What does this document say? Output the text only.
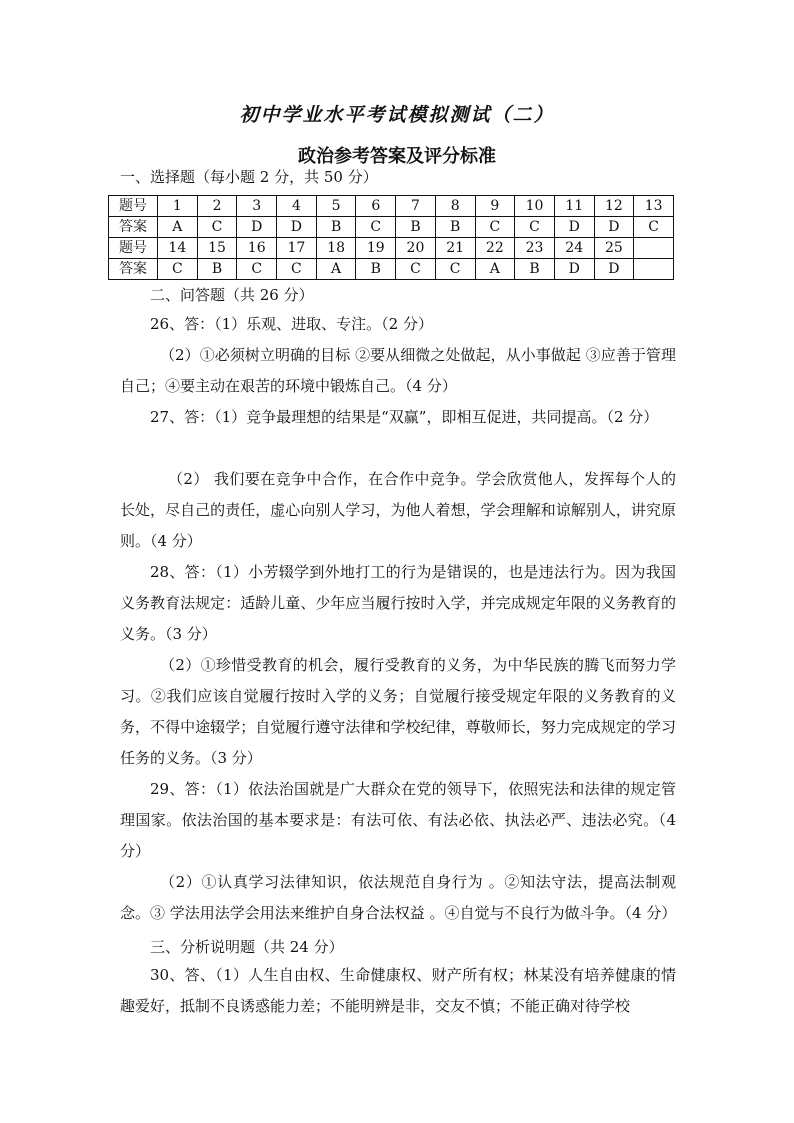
初中学业水平考试模拟测试（二）
政治参考答案及评分标准
一、选择题（每小题 2 分，共 50 分）
题号	1	2	3	4	5	6	7	8	9	10	11	12	13
答案	A	C	D	D	B	C	B	B	C	C	D	D	C
题号	14	15	16	17	18	19	20	21	22	23	24	25	
答案	C	B	C	C	A	B	C	C	A	B	D	D	
二、问答题（共 26 分）
26、答：（1）乐观、进取、专注。（2 分）
（2）①必须树立明确的目标 ②要从细微之处做起，从小事做起 ③应善于管理自己；④要主动在艰苦的环境中锻炼自己。（4 分）
27、答：（1）竞争最理想的结果是“双赢”，即相互促进，共同提高。（2 分）
（2） 我们要在竞争中合作，在合作中竞争。学会欣赏他人，发挥每个人的长处，尽自己的责任，虚心向别人学习，为他人着想，学会理解和谅解别人，讲究原则。（4 分）
28、答：（1）小芳辍学到外地打工的行为是错误的，也是违法行为。因为我国义务教育法规定：适龄儿童、少年应当履行按时入学，并完成规定年限的义务教育的义务。（3 分）
（2）①珍惜受教育的机会，履行受教育的义务，为中华民族的腾飞而努力学习。②我们应该自觉履行按时入学的义务；自觉履行接受规定年限的义务教育的义务，不得中途辍学；自觉履行遵守法律和学校纪律，尊敬师长，努力完成规定的学习任务的义务。（3 分）
29、答：（1）依法治国就是广大群众在党的领导下，依照宪法和法律的规定管理国家。依法治国的基本要求是：有法可依、有法必依、执法必严、违法必究。（4 分）
（2）①认真学习法律知识，依法规范自身行为 。②知法守法，提高法制观念。③ 学法用法学会用法来维护自身合法权益 。④自觉与不良行为做斗争。（4 分）
三、分析说明题（共 24 分）
30、答、（1）人生自由权、生命健康权、财产所有权；林某没有培养健康的情趣爱好，抵制不良诱惑能力差；不能明辨是非，交友不慎；不能正确对待学校
